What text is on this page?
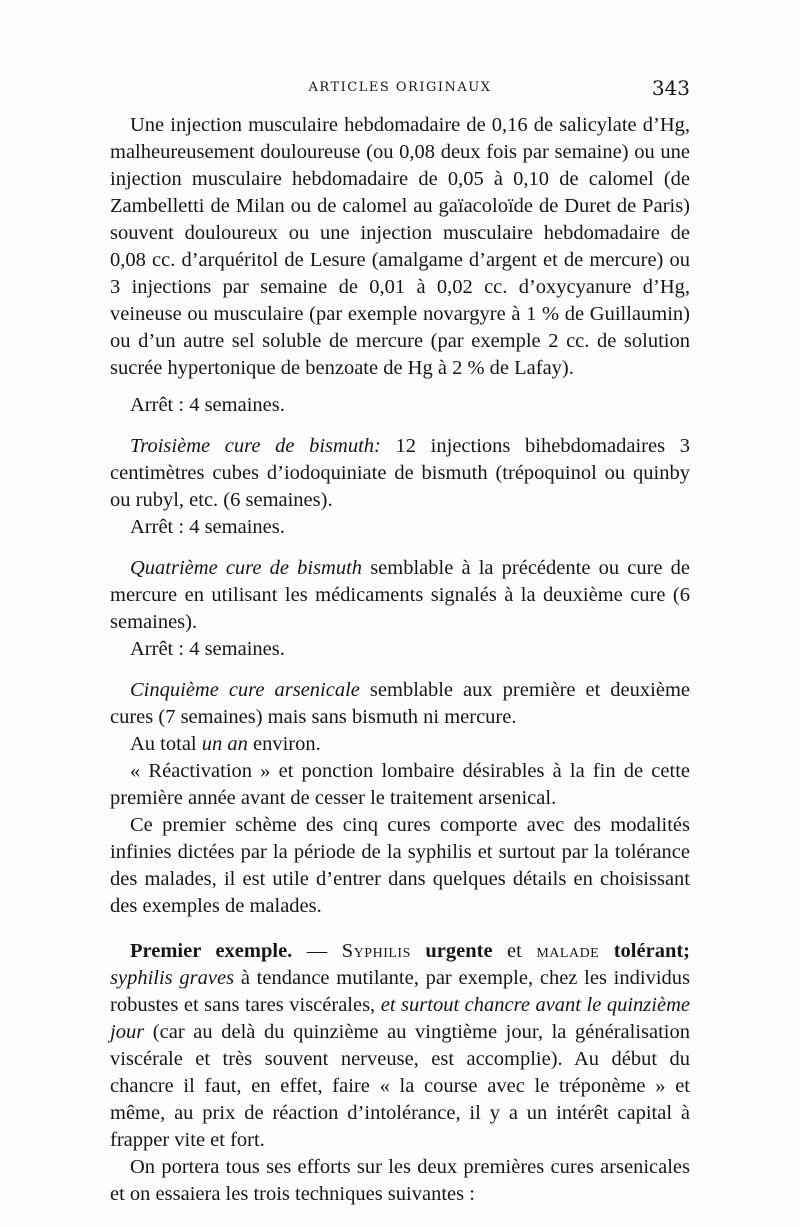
ARTICLES ORIGINAUX	343

Une injection musculaire hebdomadaire de 0,16 de salicylate d’Hg, malheureusement douloureuse (ou 0,08 deux fois par semaine) ou une injection musculaire hebdomadaire de 0,05 à 0,10 de calomel (de Zambelletti de Milan ou de calomel au gaïacoloïde de Duret de Paris) souvent douloureux ou une injection musculaire hebdomadaire de 0,08 cc. d’arquéritol de Lesure (amalgame d’argent et de mercure) ou 3 injections par semaine de 0,01 à 0,02 cc. d’oxycyanure d’Hg, veineuse ou musculaire (par exemple novargyre à 1 % de Guillaumin) ou d’un autre sel soluble de mercure (par exemple 2 cc. de solution sucrée hypertonique de benzoate de Hg à 2 % de Lafay).

Arrêt : 4 semaines.

Troisième cure de bismuth: 12 injections bihebdomadaires 3 centimètres cubes d’iodoquiniate de bismuth (trépoquinol ou quinby ou rubyl, etc. (6 semaines).

Arrêt : 4 semaines.

Quatrième cure de bismuth semblable à la précédente ou cure de mercure en utilisant les médicaments signalés à la deuxième cure (6 semaines).

Arrêt : 4 semaines.

Cinquième cure arsenicale semblable aux première et deuxième cures (7 semaines) mais sans bismuth ni mercure.

Au total un an environ.

« Réactivation » et ponction lombaire désirables à la fin de cette première année avant de cesser le traitement arsenical.

Ce premier schème des cinq cures comporte avec des modalités infinies dictées par la période de la syphilis et surtout par la tolérance des malades, il est utile d’entrer dans quelques détails en choisissant des exemples de malades.

Premier exemple. — Syphilis urgente et malade tolérant; syphilis graves à tendance mutilante, par exemple, chez les individus robustes et sans tares viscérales, et surtout chancre avant le quinzième jour (car au delà du quinzième au vingtième jour, la généralisation viscérale et très souvent nerveuse, est accomplie). Au début du chancre il faut, en effet, faire « la course avec le tréponème » et même, au prix de réaction d’intolérance, il y a un intérêt capital à frapper vite et fort.

On portera tous ses efforts sur les deux premières cures arsenicales et on essaiera les trois techniques suivantes :
